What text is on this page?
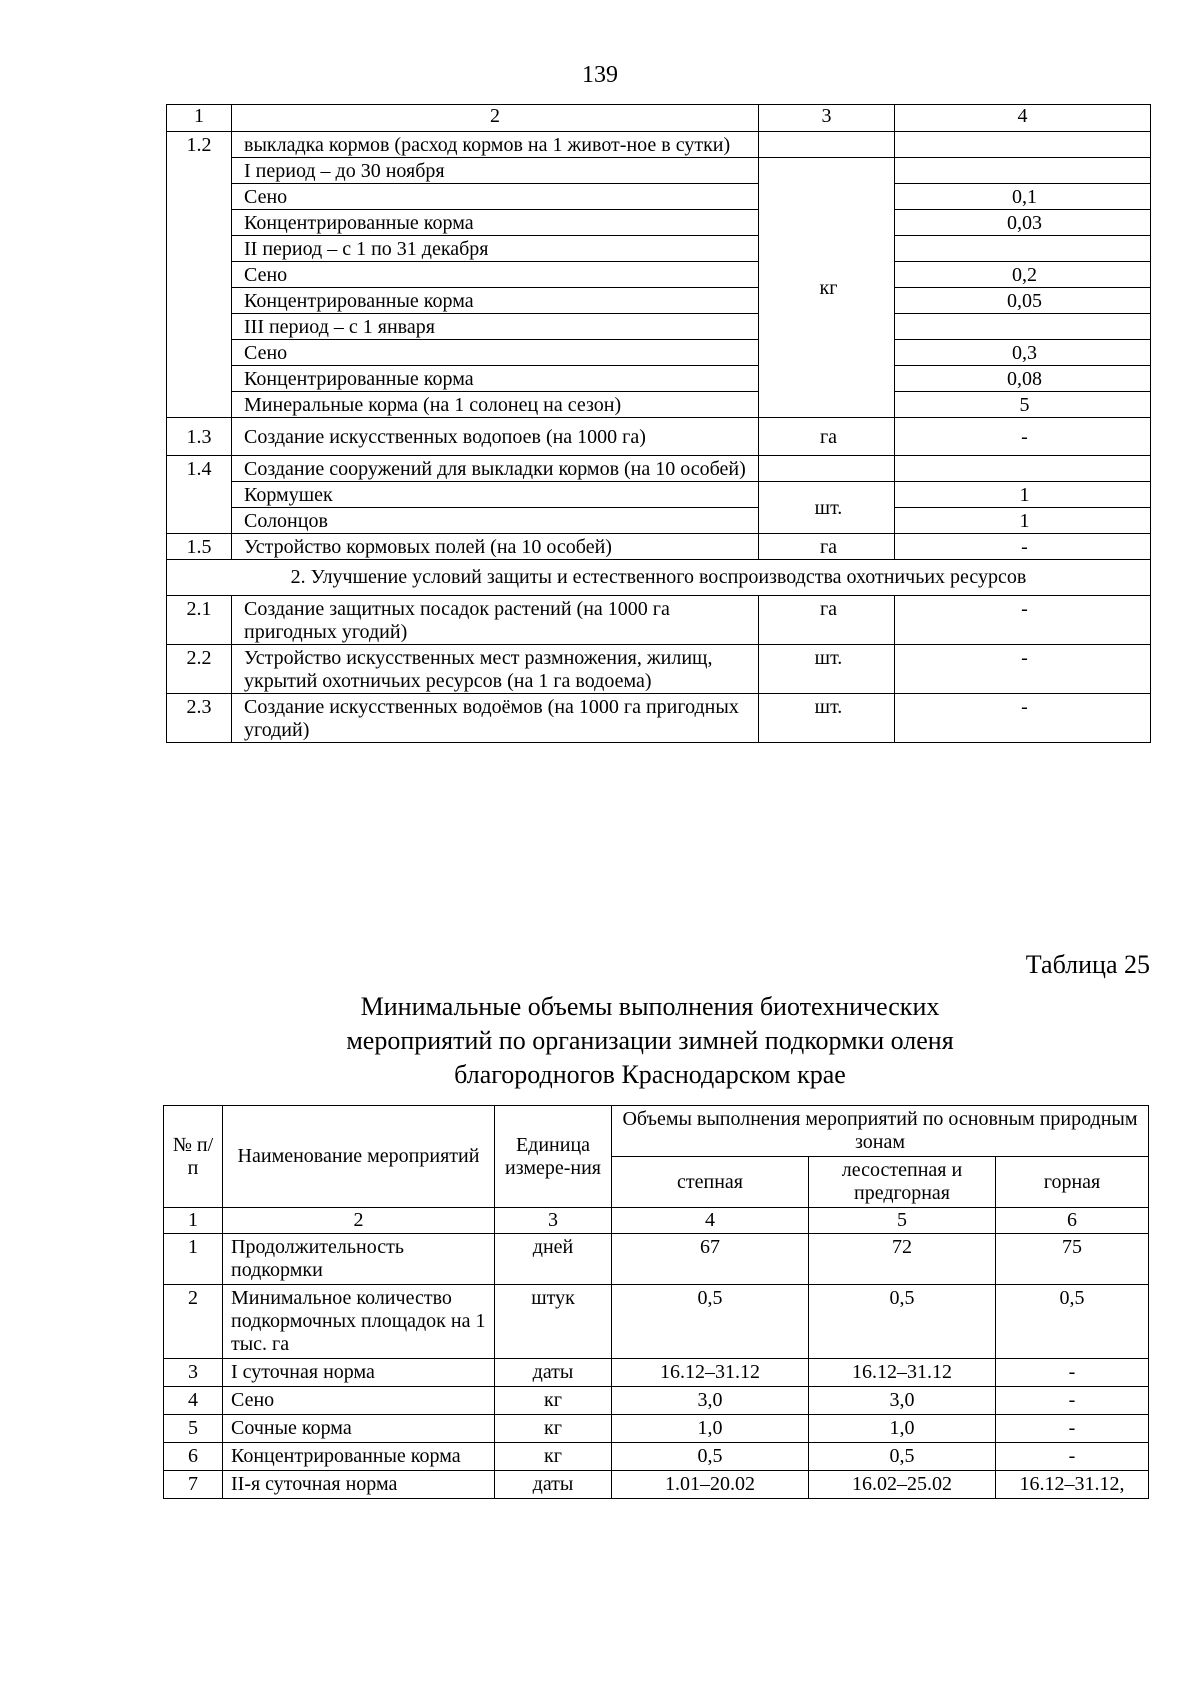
139
1	2	3	4
1.2	выкладка кормов (расход кормов на 1 живот-ное в сутки)		
	I период – до 30 ноября	кг	
	Сено		0,1
	Концентрированные корма		0,03
	II период – с 1 по 31 декабря		
	Сено		0,2
	Концентрированные корма		0,05
	III период – с 1 января		
	Сено		0,3
	Концентрированные корма		0,08
	Минеральные корма (на 1 солонец на сезон)		5
1.3	Создание искусственных водопоев (на 1000 га)	га	-
1.4	Создание сооружений для выкладки кормов (на 10 особей)		
	Кормушек	шт.	1
	Солонцов		1
1.5	Устройство кормовых полей (на 10 особей)	га	-
2. Улучшение условий защиты и естественного воспроизводства охотничьих ресурсов			
2.1	Создание защитных посадок растений (на 1000 га пригодных угодий)	га	-
2.2	Устройство искусственных мест размножения, жилищ, укрытий охотничьих ресурсов (на 1 га водоема)	шт.	-
2.3	Создание искусственных водоёмов (на 1000 га пригодных угодий)	шт.	-
Таблица 25
Минимальные объемы выполнения биотехнических
мероприятий по организации зимней подкормки оленя
благородногов Краснодарском крае
№ п/п	Наименование мероприятий	Единица измере-ния	Объемы выполнения мероприятий по основным природным зонам		
			степная	лесостепная и предгорная	горная
1	2	3	4	5	6
1	Продолжительность подкормки	дней	67	72	75
2	Минимальное количество подкормочных площадок на 1 тыс. га	штук	0,5	0,5	0,5
3	I суточная норма	даты	16.12–31.12	16.12–31.12	-
4	Сено	кг	3,0	3,0	-
5	Сочные корма	кг	1,0	1,0	-
6	Концентрированные корма	кг	0,5	0,5	-
7	II-я суточная норма	даты	1.01–20.02	16.02–25.02	16.12–31.12,
